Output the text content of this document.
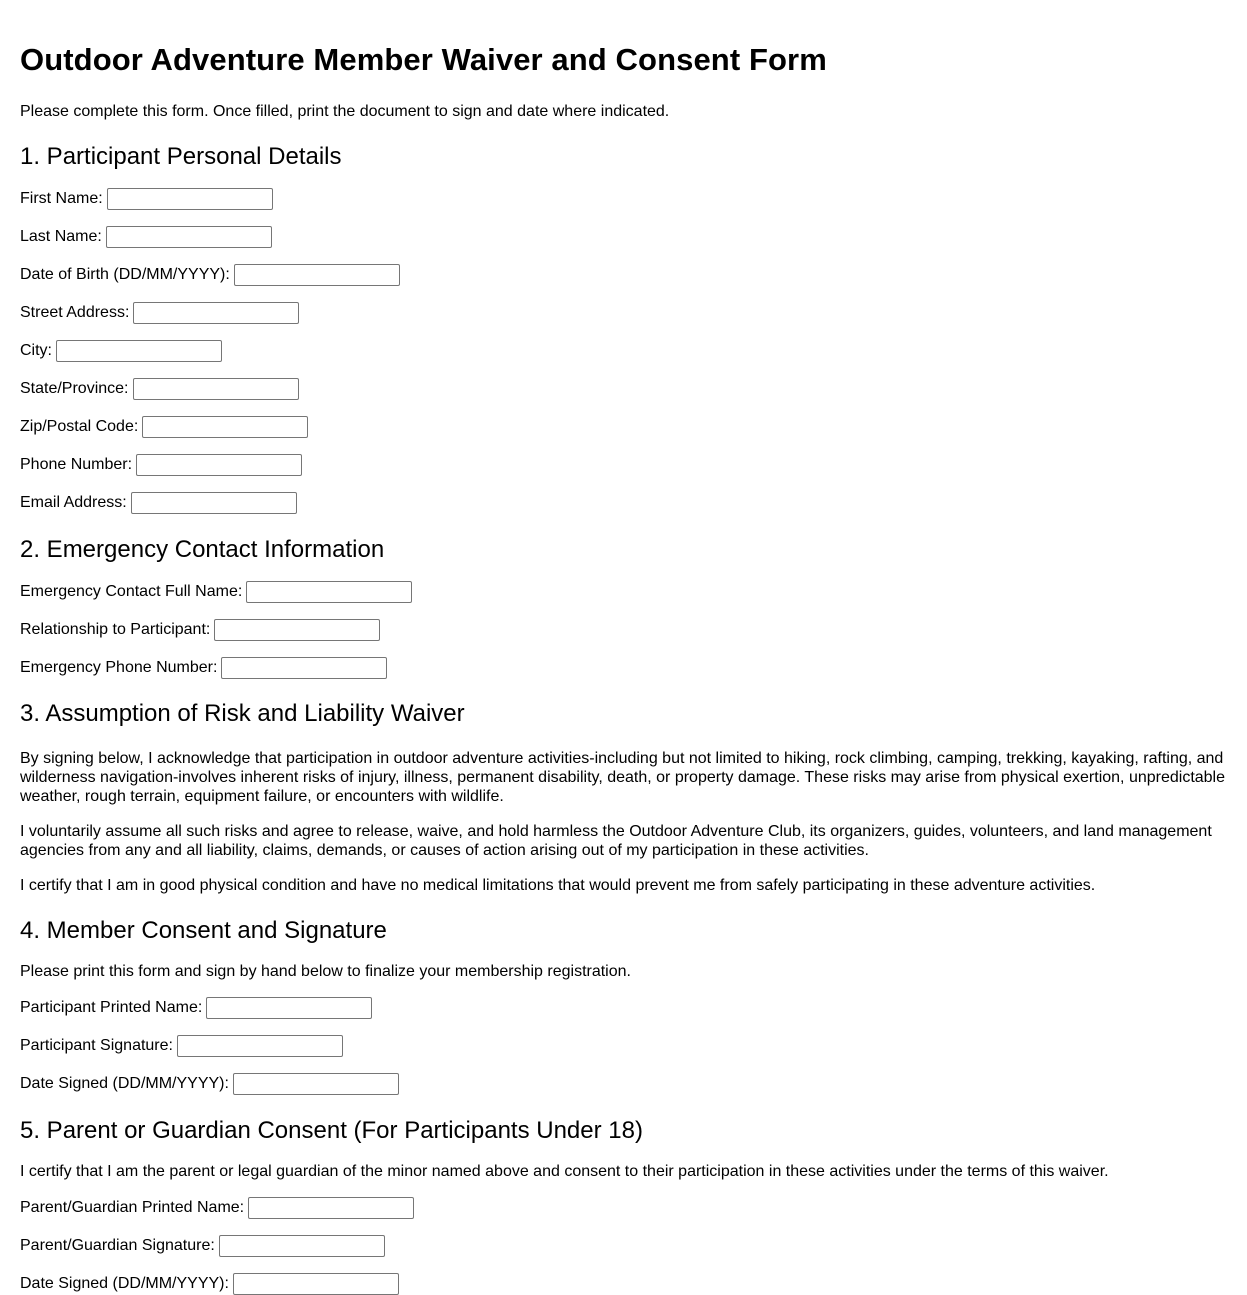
Outdoor Adventure Member Waiver and Consent Form

Please complete this form. Once filled, print the document to sign and date where indicated.

1. Participant Personal Details
First Name:
Last Name:
Date of Birth (DD/MM/YYYY):
Street Address:
City:
State/Province:
Zip/Postal Code:
Phone Number:
Email Address:
2. Emergency Contact Information
Emergency Contact Full Name:
Relationship to Participant:
Emergency Phone Number:
3. Assumption of Risk and Liability Waiver

By signing below, I acknowledge that participation in outdoor adventure activities-including but not limited to hiking, rock climbing, camping, trekking, kayaking, rafting, and wilderness navigation-involves inherent risks of injury, illness, permanent disability, death, or property damage. These risks may arise from physical exertion, unpredictable weather, rough terrain, equipment failure, or encounters with wildlife.

I voluntarily assume all such risks and agree to release, waive, and hold harmless the Outdoor Adventure Club, its organizers, guides, volunteers, and land management agencies from any and all liability, claims, demands, or causes of action arising out of my participation in these activities.

I certify that I am in good physical condition and have no medical limitations that would prevent me from safely participating in these adventure activities.

4. Member Consent and Signature

Please print this form and sign by hand below to finalize your membership registration.

Participant Printed Name:
Participant Signature:
Date Signed (DD/MM/YYYY):
5. Parent or Guardian Consent (For Participants Under 18)

I certify that I am the parent or legal guardian of the minor named above and consent to their participation in these activities under the terms of this waiver.

Parent/Guardian Printed Name:
Parent/Guardian Signature:
Date Signed (DD/MM/YYYY):
